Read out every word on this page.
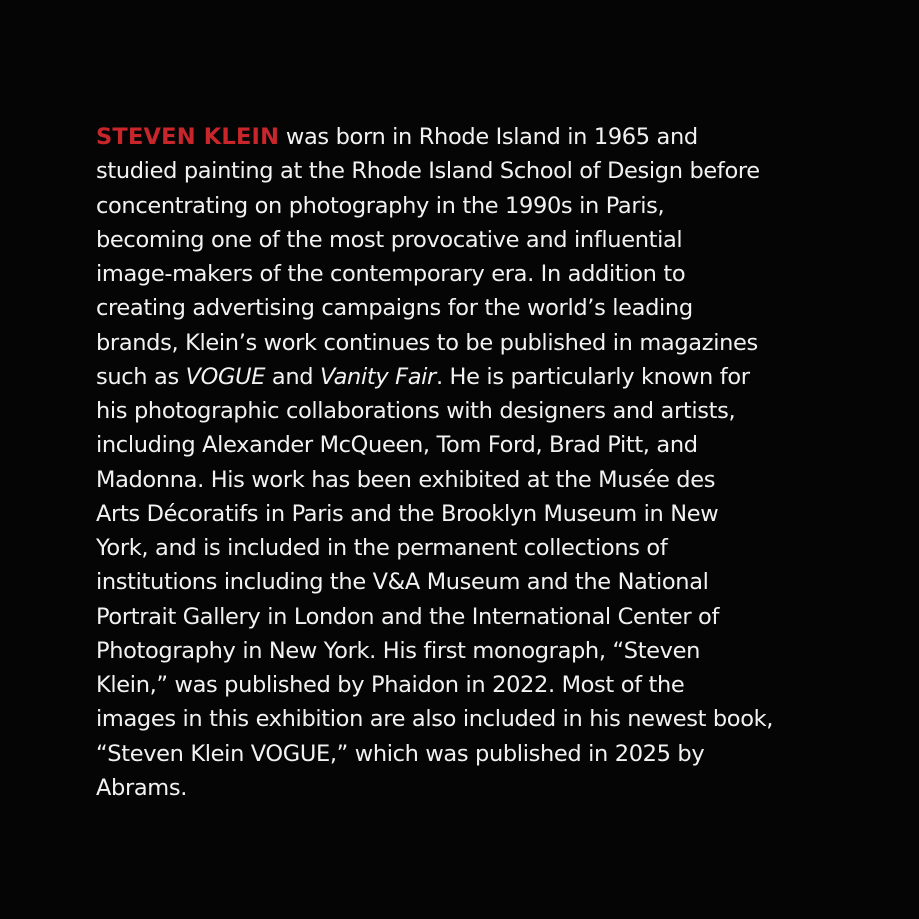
STEVEN KLEIN was born in Rhode Island in 1965 and
studied painting at the Rhode Island School of Design before
concentrating on photography in the 1990s in Paris,
becoming one of the most provocative and influential
image-makers of the contemporary era. In addition to
creating advertising campaigns for the world’s leading
brands, Klein’s work continues to be published in magazines
such as VOGUE and Vanity Fair. He is particularly known for
his photographic collaborations with designers and artists,
including Alexander McQueen, Tom Ford, Brad Pitt, and
Madonna. His work has been exhibited at the Musée des
Arts Décoratifs in Paris and the Brooklyn Museum in New
York, and is included in the permanent collections of
institutions including the V&A Museum and the National
Portrait Gallery in London and the International Center of
Photography in New York. His first monograph, “Steven
Klein,” was published by Phaidon in 2022. Most of the
images in this exhibition are also included in his newest book,
“Steven Klein VOGUE,” which was published in 2025 by
Abrams.
